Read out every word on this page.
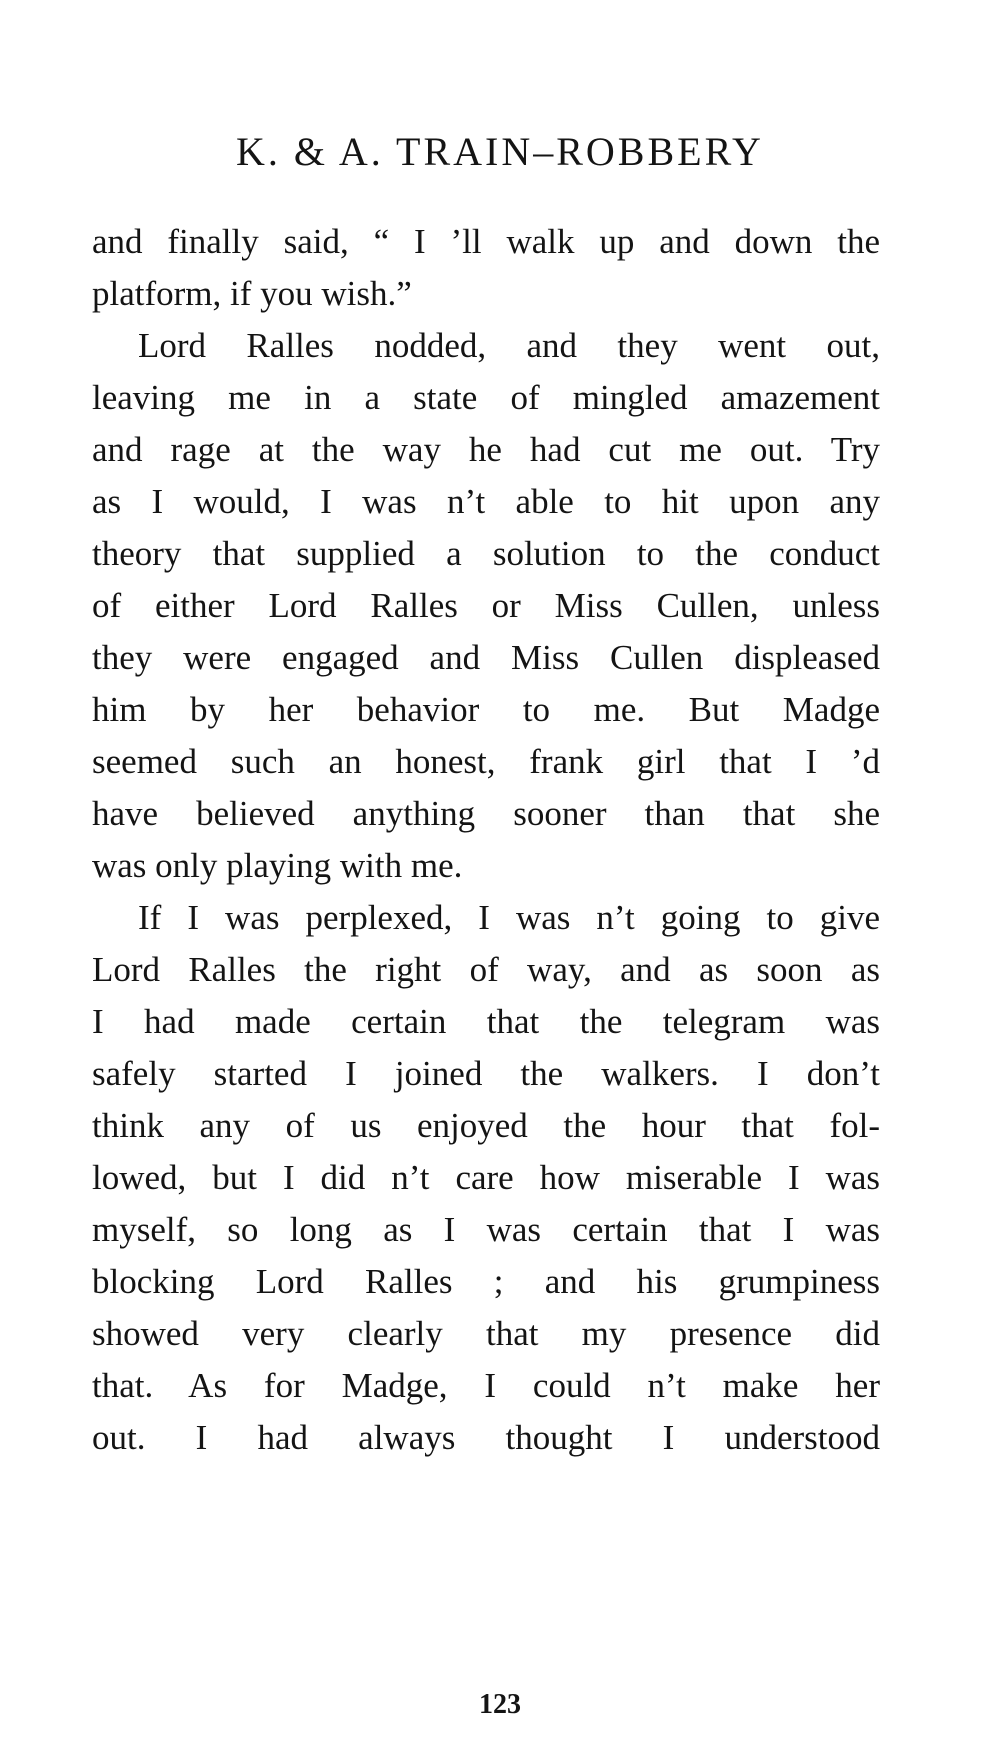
K. & A. TRAIN–ROBBERY
and finally said, “ I ’ll walk up and down the
platform, if you wish.”
Lord Ralles nodded, and they went out,
leaving me in a state of mingled amazement
and rage at the way he had cut me out. Try
as I would, I was n’t able to hit upon any
theory that supplied a solution to the conduct
of either Lord Ralles or Miss Cullen, unless
they were engaged and Miss Cullen displeased
him by her behavior to me. But Madge
seemed such an honest, frank girl that I ’d
have believed anything sooner than that she
was only playing with me.
If I was perplexed, I was n’t going to give
Lord Ralles the right of way, and as soon as
I had made certain that the telegram was
safely started I joined the walkers. I don’t
think any of us enjoyed the hour that fol-
lowed, but I did n’t care how miserable I was
myself, so long as I was certain that I was
blocking Lord Ralles ; and his grumpiness
showed very clearly that my presence did
that. As for Madge, I could n’t make her
out. I had always thought I understood
123
